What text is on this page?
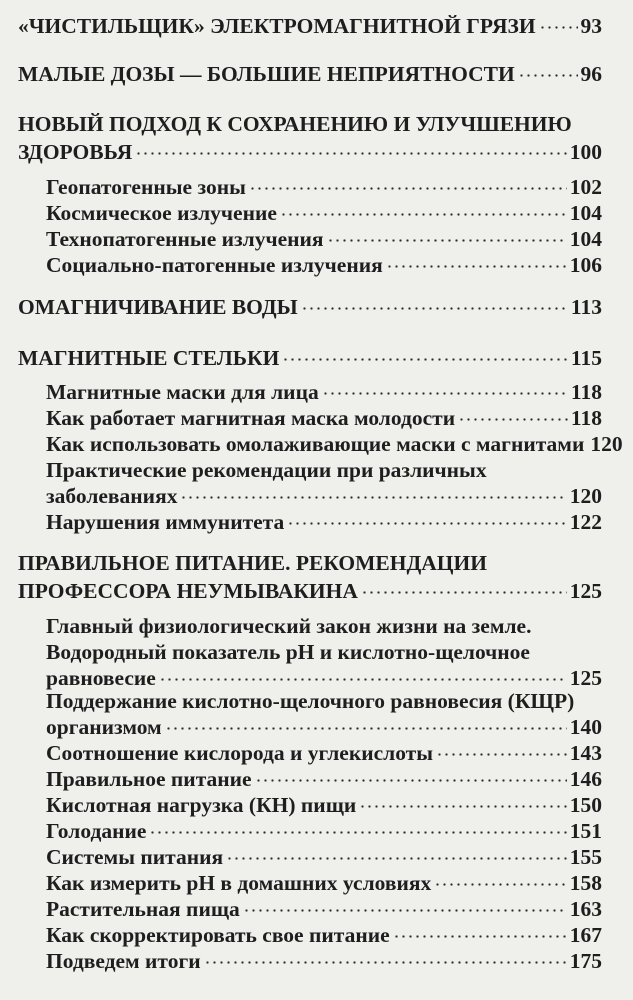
«ЧИСТИЛЬЩИК» ЭЛЕКТРОМАГНИТНОЙ ГРЯЗИ 93
МАЛЫЕ ДОЗЫ — БОЛЬШИЕ НЕПРИЯТНОСТИ	96
НОВЫЙ ПОДХОД К СОХРАНЕНИЮ И УЛУЧШЕНИЮ
ЗДОРОВЬЯ	100
Геопатогенные зоны	102
Космическое излучение	104
Технопатогенные излучения	104
Социально-патогенные излучения	106
ОМАГНИЧИВАНИЕ ВОДЫ	113
МАГНИТНЫЕ СТЕЛЬКИ	115
Магнитные маски для лица	118
Как работает магнитная маска молодости	118
Как использовать омолаживающие маски с магнитами 120
Практические рекомендации при различных
заболеваниях	120
Нарушения иммунитета	122
ПРАВИЛЬНОЕ ПИТАНИЕ. РЕКОМЕНДАЦИИ
ПРОФЕССОРА НЕУМЫВАКИНА	125
Главный физиологический закон жизни на земле.
Водородный показатель pH и кислотно-щелочное
равновесие	125
Поддержание кислотно-щелочного равновесия (КЩР)
организмом	140
Соотношение кислорода и углекислоты	143
Правильное питание	146
Кислотная нагрузка (КН) пищи	150
Голодание	151
Системы питания	155
Как измерить pH в домашних условиях	158
Растительная пища	163
Как скорректировать свое питание	167
Подведем итоги	175
